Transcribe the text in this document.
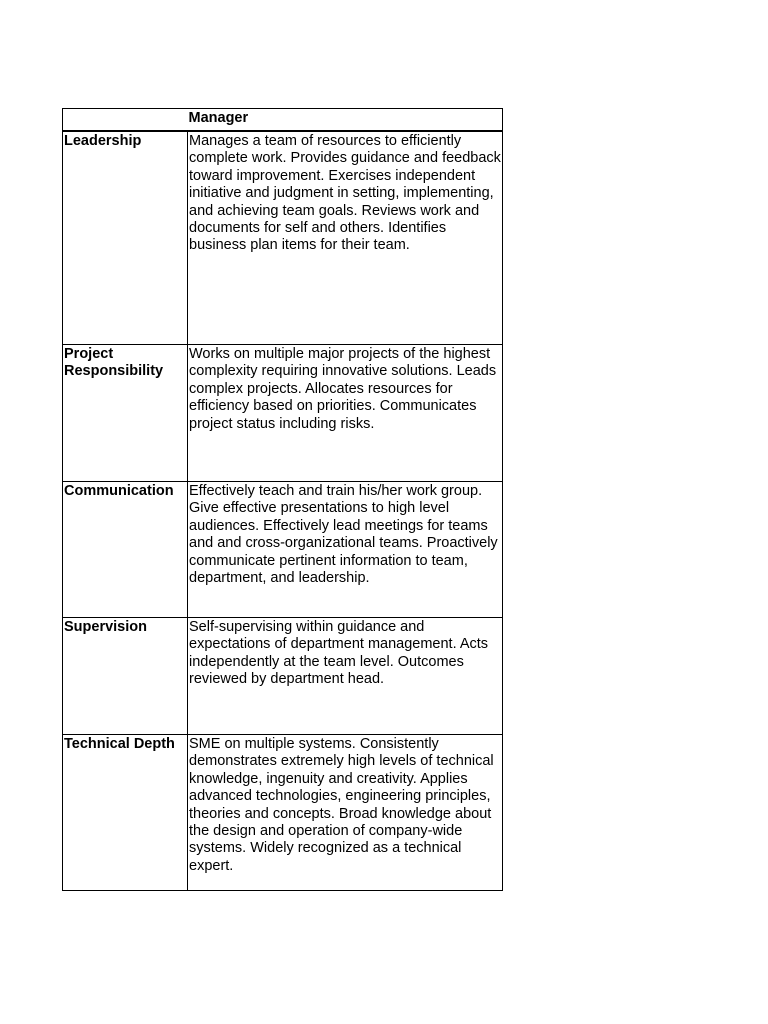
	Manager
Leadership	Manages a team of resources to efficiently complete work. Provides guidance and feedback toward improvement. Exercises independent initiative and judgment in setting, implementing, and achieving team goals. Reviews work and documents for self and others. Identifies business plan items for their team.
Project Responsibility	Works on multiple major projects of the highest complexity requiring innovative solutions. Leads complex projects. Allocates resources for efficiency based on priorities. Communicates project status including risks.
Communication	Effectively teach and train his/her work group. Give effective presentations to high level audiences. Effectively lead meetings for teams and and cross-organizational teams. Proactively communicate pertinent information to team, department, and leadership.
Supervision	Self-supervising within guidance and expectations of department management. Acts independently at the team level. Outcomes reviewed by department head.
Technical Depth	SME on multiple systems. Consistently demonstrates extremely high levels of technical knowledge, ingenuity and creativity. Applies advanced technologies, engineering principles, theories and concepts. Broad knowledge about the design and operation of company-wide systems. Widely recognized as a technical expert.
